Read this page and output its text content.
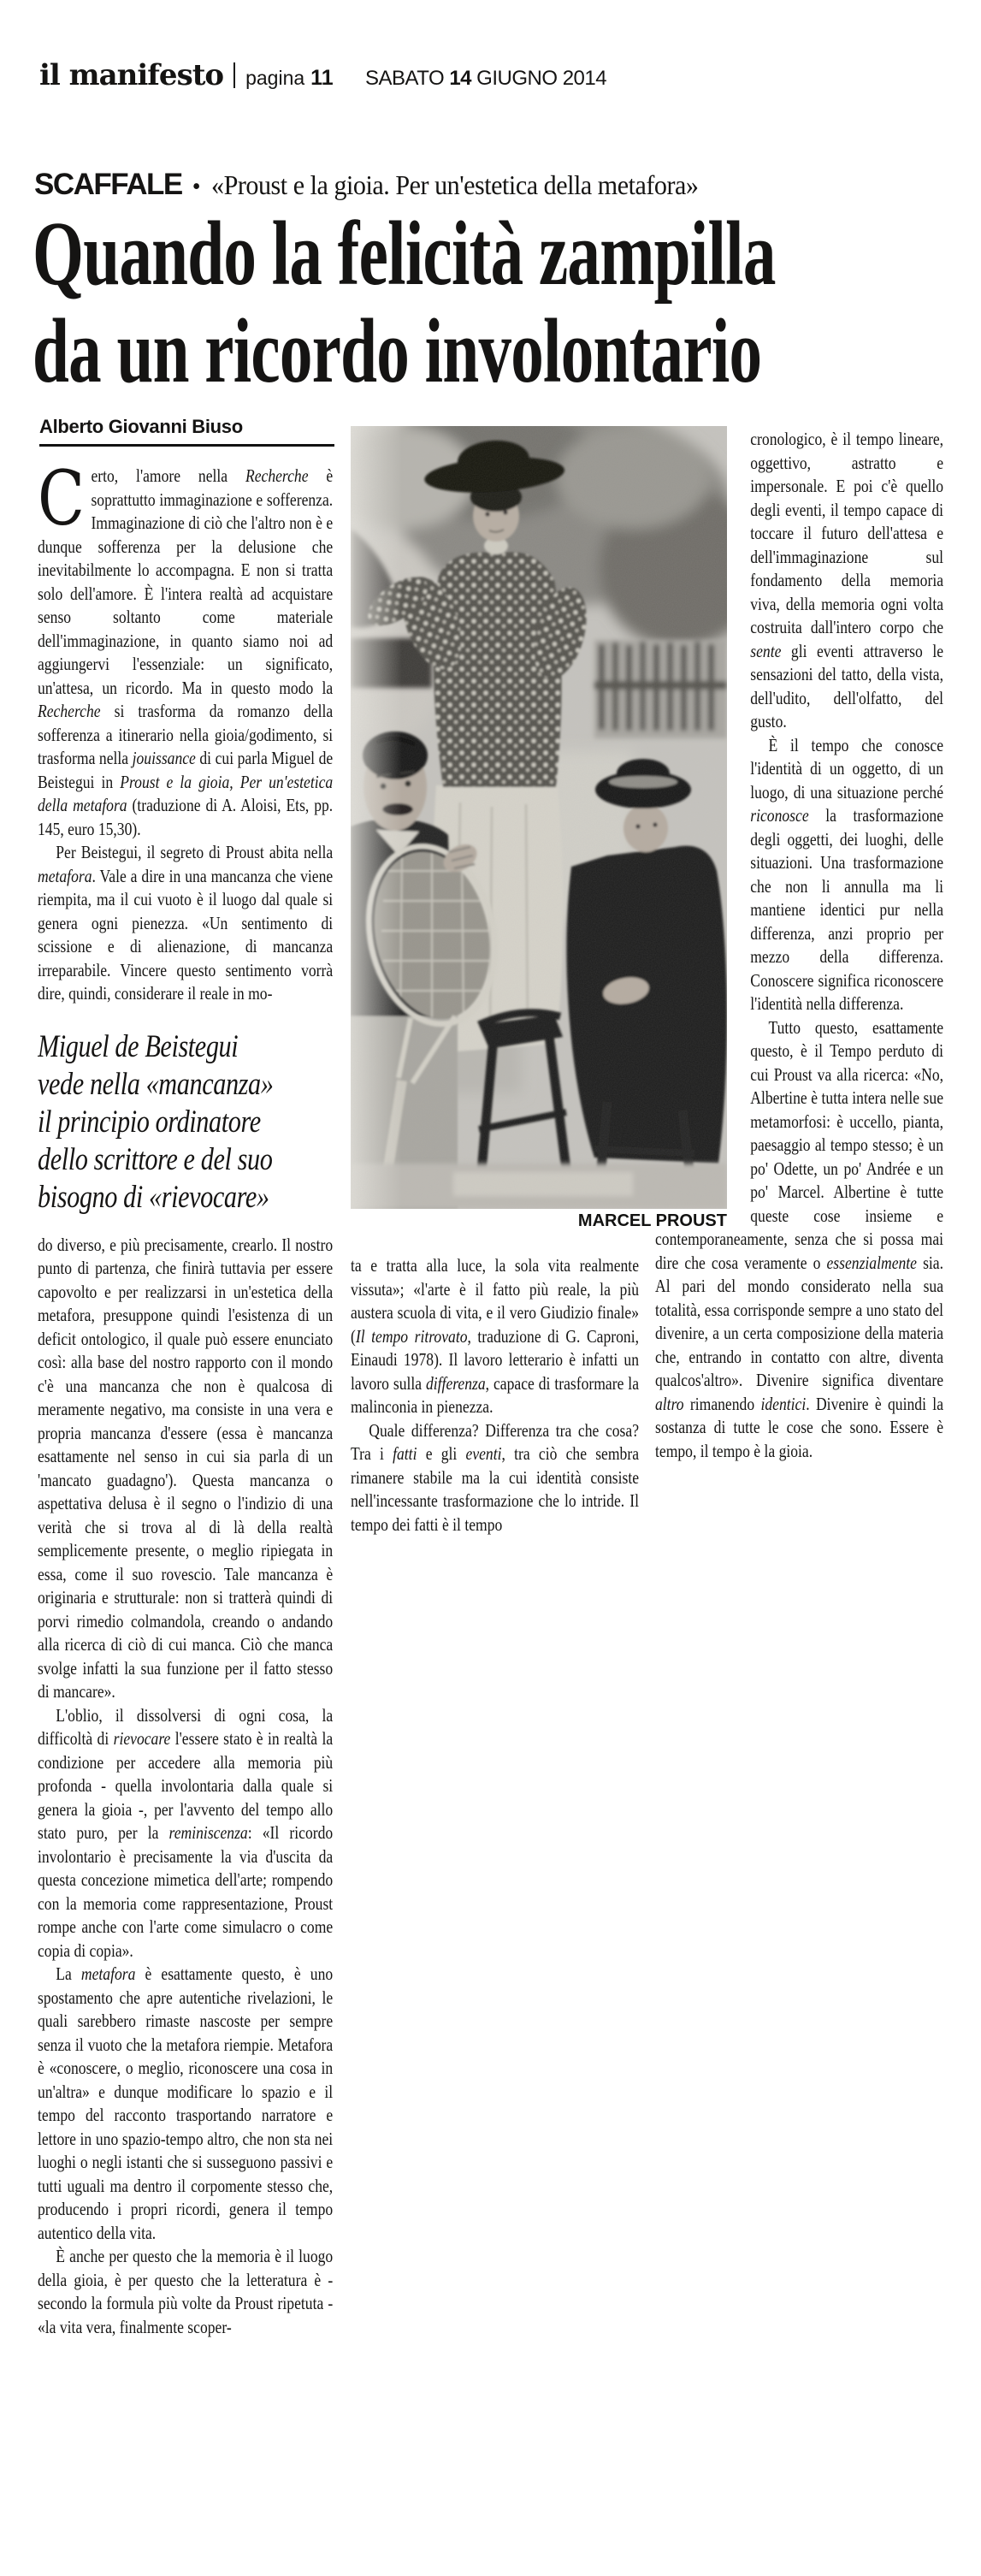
il manifesto pagina 11 SABATO 14 GIUGNO 2014
SCAFFALE • «Proust e la gioia. Per un'estetica della metafora»
Quando la felicità zampilla
da un ricordo involontario
Alberto Giovanni Biuso
MARCEL PROUST

Certo, l'amore nella Recherche è soprattutto immaginazione e sofferenza. Immaginazione di ciò che l'altro non è e dunque sofferenza per la delusione che inevitabilmente lo accompagna. E non si tratta solo dell'amore. È l'intera realtà ad acquistare senso soltanto come materiale dell'immaginazione, in quanto siamo noi ad aggiungervi l'essenziale: un significato, un'attesa, un ricordo. Ma in questo modo la Recherche si trasforma da romanzo della sofferenza a itinerario nella gioia/godimento, si trasforma nella jouissance di cui parla Miguel de Beistegui in Proust e la gioia, Per un'estetica della metafora (traduzione di A. Aloisi, Ets, pp. 145, euro 15,30).

Per Beistegui, il segreto di Proust abita nella metafora. Vale a dire in una mancanza che viene riempita, ma il cui vuoto è il luogo dal quale si genera ogni pienezza. «Un sentimento di scissione e di alienazione, di mancanza irreparabile. Vincere questo sentimento vorrà dire, quindi, considerare il reale in mo-

Miguel de Beistegui
vede nella «mancanza»
il principio ordinatore
dello scrittore e del suo
bisogno di «rievocare»

do diverso, e più precisamente, crearlo. Il nostro punto di partenza, che finirà tuttavia per essere capovolto e per realizzarsi in un'estetica della metafora, presuppone quindi l'esistenza di un deficit ontologico, il quale può essere enunciato così: alla base del nostro rapporto con il mondo c'è una mancanza che non è qualcosa di meramente negativo, ma consiste in una vera e propria mancanza d'essere (essa è mancanza esattamente nel senso in cui sia parla di un 'mancato guadagno'). Questa mancanza o aspettativa delusa è il segno o l'indizio di una verità che si trova al di là della realtà semplicemente presente, o meglio ripiegata in essa, come il suo rovescio. Tale mancanza è originaria e strutturale: non si tratterà quindi di porvi rimedio colmandola, creando o andando alla ricerca di ciò di cui manca. Ciò che manca svolge infatti la sua funzione per il fatto stesso di mancare».

L'oblio, il dissolversi di ogni cosa, la difficoltà di rievocare l'essere stato è in realtà la condizione per accedere alla memoria più profonda - quella involontaria dalla quale si genera la gioia -, per l'avvento del tempo allo stato puro, per la reminiscenza: «Il ricordo involontario è precisamente la via d'uscita da questa concezione mimetica dell'arte; rompendo con la memoria come rappresentazione, Proust rompe anche con l'arte come simulacro o come copia di copia».

La metafora è esattamente questo, è uno spostamento che apre autentiche rivelazioni, le quali sarebbero rimaste nascoste per sempre senza il vuoto che la metafora riempie. Metafora è «conoscere, o meglio, riconoscere una cosa in un'altra» e dunque modificare lo spazio e il tempo del racconto trasportando narratore e lettore in uno spazio-tempo altro, che non sta nei luoghi o negli istanti che si susseguono passivi e tutti uguali ma dentro il corpomente stesso che, producendo i propri ricordi, genera il tempo autentico della vita.

È anche per questo che la memoria è il luogo della gioia, è per questo che la letteratura è - secondo la formula più volte da Proust ripetuta - «la vita vera, finalmente scoper-

ta e tratta alla luce, la sola vita realmente vissuta»; «l'arte è il fatto più reale, la più austera scuola di vita, e il vero Giudizio finale» (Il tempo ritrovato, traduzione di G. Caproni, Einaudi 1978). Il lavoro letterario è infatti un lavoro sulla differenza, capace di trasformare la malinconia in pienezza.

Quale differenza? Differenza tra che cosa? Tra i fatti e gli eventi, tra ciò che sembra rimanere stabile ma la cui identità consiste nell'incessante trasformazione che lo intride. Il tempo dei fatti è il tempo

cronologico, è il tempo lineare, oggettivo, astratto e impersonale. E poi c'è quello degli eventi, il tempo capace di toccare il futuro dell'attesa e dell'immaginazione sul fondamento della memoria viva, della memoria ogni volta costruita dall'intero corpo che sente gli eventi attraverso le sensazioni del tatto, della vista, dell'udito, dell'olfatto, del gusto.

È il tempo che conosce l'identità di un oggetto, di un luogo, di una situazione perché riconosce la trasformazione degli oggetti, dei luoghi, delle situazioni. Una trasformazione che non li annulla ma li mantiene identici pur nella differenza, anzi proprio per mezzo della differenza. Conoscere significa riconoscere l'identità nella differenza.

Tutto questo, esattamente questo, è il Tempo perduto di cui Proust va alla ricerca: «No, Albertine è tutta intera nelle sue metamorfosi: è uccello, pianta, paesaggio al tempo stesso; è un po' Odette, un po' Andrée e un po' Marcel. Albertine è tutte queste cose insieme e contemporaneamente, senza che si possa mai dire che cosa veramente o essenzialmente sia. Al pari del mondo considerato nella sua totalità, essa corrisponde sempre a uno stato del divenire, a un certa composizione della materia che, entrando in contatto con altre, diventa qualcos'altro». Divenire significa diventare altro rimanendo identici. Divenire è quindi la sostanza di tutte le cose che sono. Essere è tempo, il tempo è la gioia.
